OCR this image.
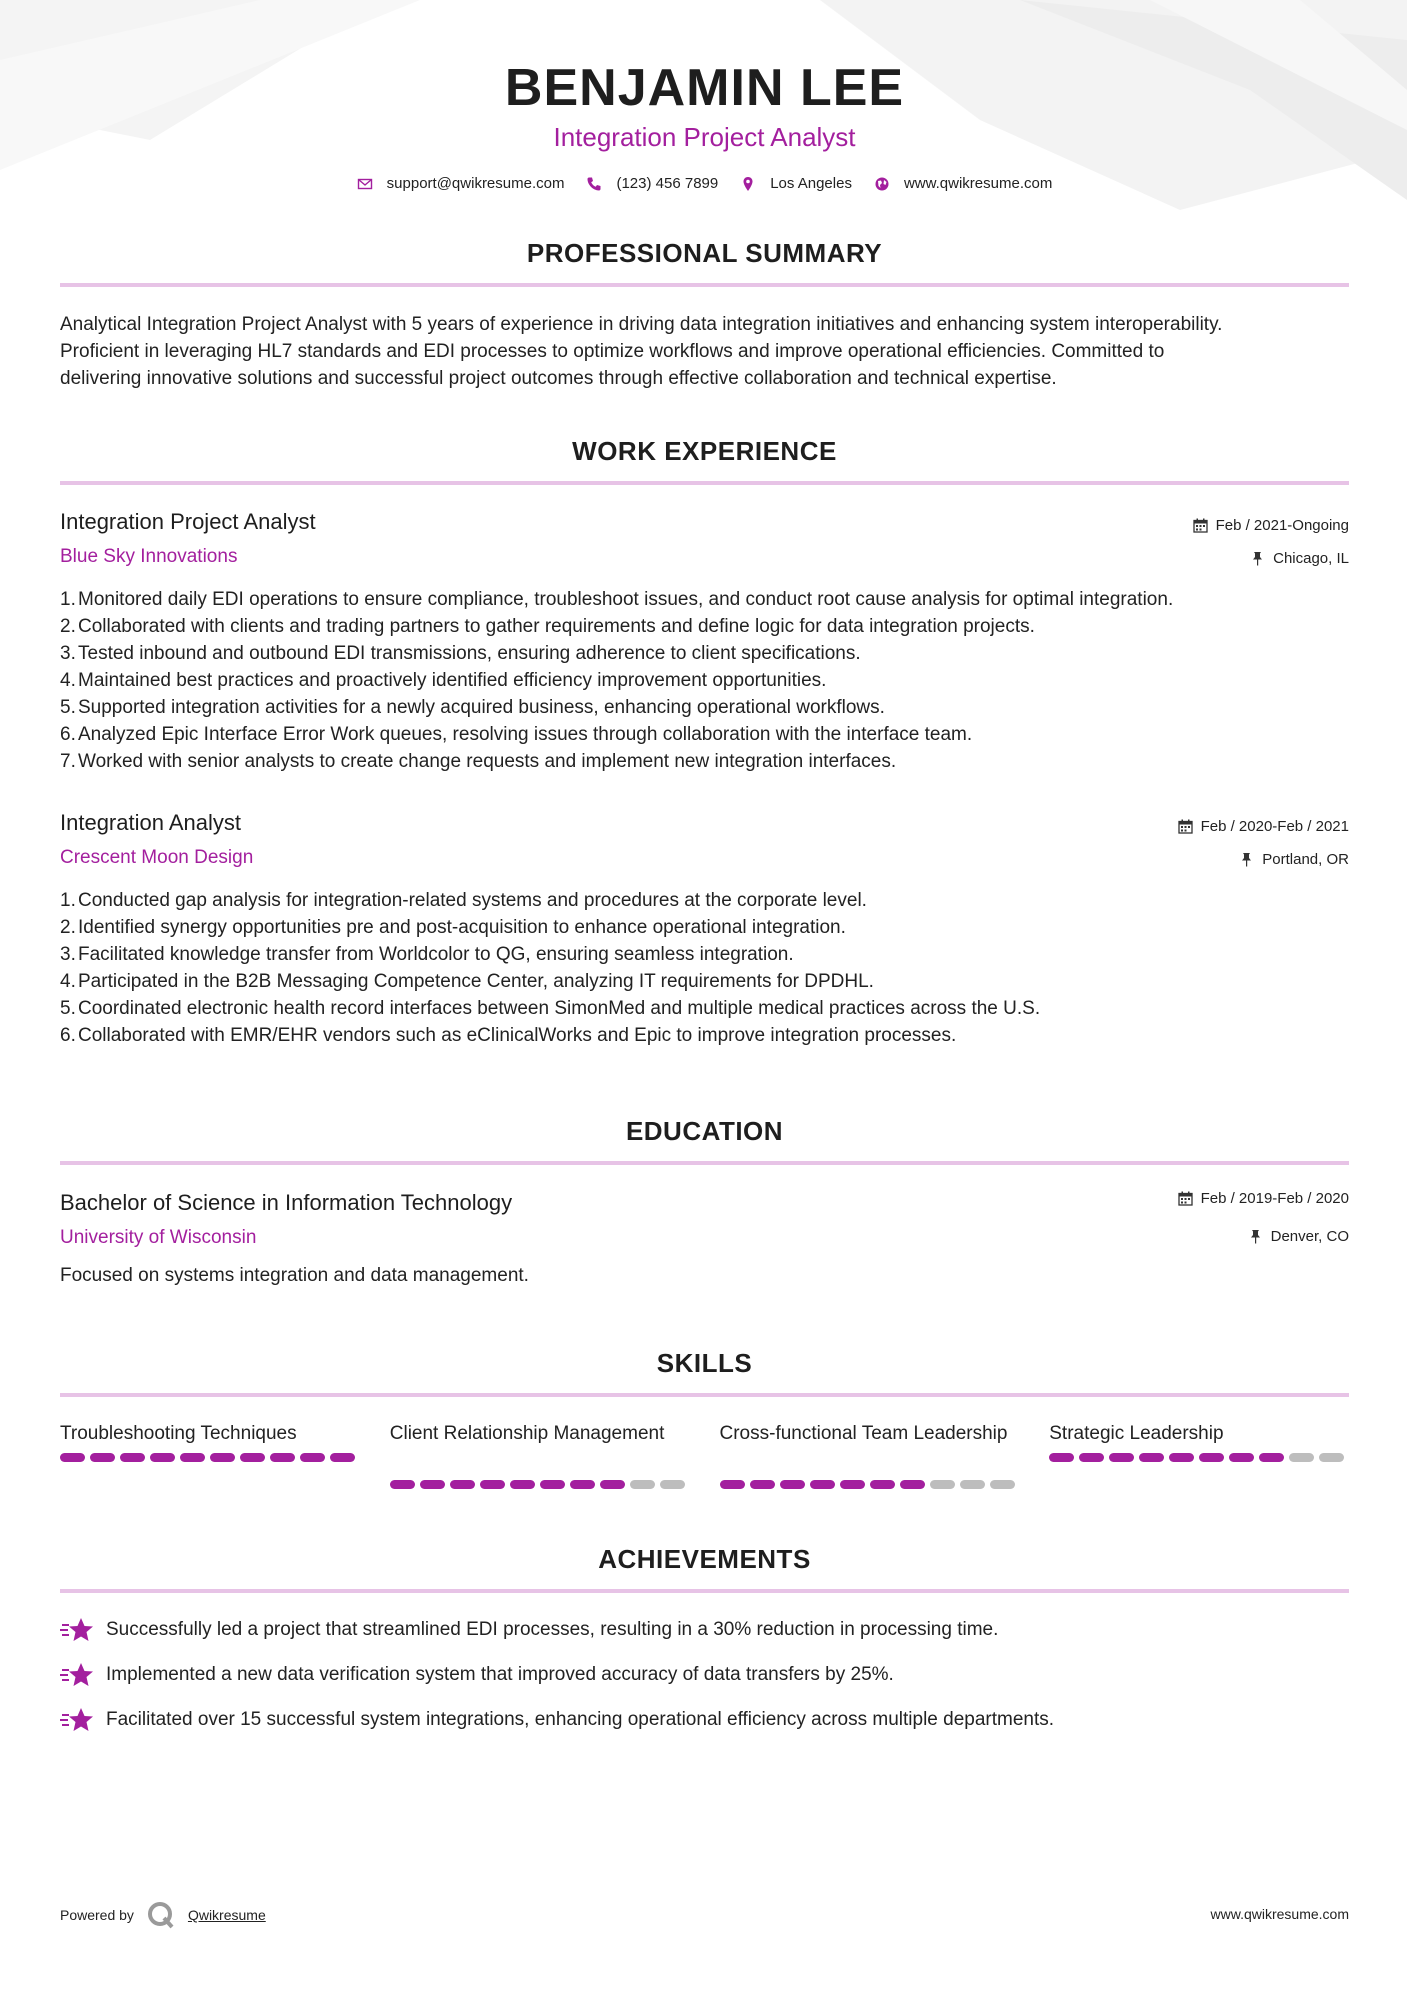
BENJAMIN LEE
Integration Project Analyst
support@qwikresume.com	(123) 456 7899	Los Angeles	www.qwikresume.com
PROFESSIONAL SUMMARY
Analytical Integration Project Analyst with 5 years of experience in driving data integration initiatives and enhancing system interoperability.
Proficient in leveraging HL7 standards and EDI processes to optimize workflows and improve operational efficiencies. Committed to
delivering innovative solutions and successful project outcomes through effective collaboration and technical expertise.
WORK EXPERIENCE
Integration Project Analyst
Blue Sky Innovations
Feb / 2021-Ongoing
Chicago, IL
1. Monitored daily EDI operations to ensure compliance, troubleshoot issues, and conduct root cause analysis for optimal integration.
2. Collaborated with clients and trading partners to gather requirements and define logic for data integration projects.
3. Tested inbound and outbound EDI transmissions, ensuring adherence to client specifications.
4. Maintained best practices and proactively identified efficiency improvement opportunities.
5. Supported integration activities for a newly acquired business, enhancing operational workflows.
6. Analyzed Epic Interface Error Work queues, resolving issues through collaboration with the interface team.
7. Worked with senior analysts to create change requests and implement new integration interfaces.
Integration Analyst
Crescent Moon Design
Feb / 2020-Feb / 2021
Portland, OR
1. Conducted gap analysis for integration-related systems and procedures at the corporate level.
2. Identified synergy opportunities pre and post-acquisition to enhance operational integration.
3. Facilitated knowledge transfer from Worldcolor to QG, ensuring seamless integration.
4. Participated in the B2B Messaging Competence Center, analyzing IT requirements for DPDHL.
5. Coordinated electronic health record interfaces between SimonMed and multiple medical practices across the U.S.
6. Collaborated with EMR/EHR vendors such as eClinicalWorks and Epic to improve integration processes.
EDUCATION
Bachelor of Science in Information Technology
University of Wisconsin
Feb / 2019-Feb / 2020
Denver, CO
Focused on systems integration and data management.
SKILLS
Troubleshooting Techniques	Client Relationship Management	Cross-functional Team Leadership	Strategic Leadership
ACHIEVEMENTS
Successfully led a project that streamlined EDI processes, resulting in a 30% reduction in processing time.
Implemented a new data verification system that improved accuracy of data transfers by 25%.
Facilitated over 15 successful system integrations, enhancing operational efficiency across multiple departments.
Powered by	Qwikresume	www.qwikresume.com
